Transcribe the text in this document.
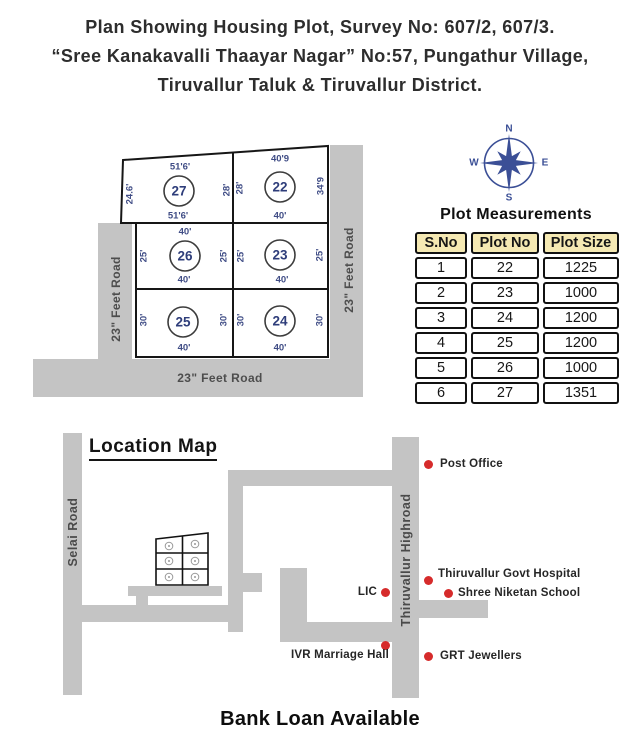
Plan Showing Housing Plot, Survey No: 607/2, 607/3.
“Sree Kanakavalli Thaayar Nagar” No:57, Pungathur Village,
Tiruvallur Taluk & Tiruvallur District.
27
51'6'
51'6'
24.6'	28'	22
40'9
40'
28'	34'9
26
40'
40'
25'	25'	23
40'
25'	25'
25
40'
30'	30'	24
40'
30'	30'
23" Feet Road	23" Feet Road
23" Feet Road
N
E
S
W
Plot Measurements
S.No	Plot No	Plot Size
1	22	1225
2	23	1000
3	24	1200
4	25	1200
5	26	1000
6	27	1351
Location Map
Selai Road	Thiruvallur Highroad
Post Office
Thiruvallur Govt Hospital
Shree Niketan School
LIC
IVR Marriage Hall	GRT Jewellers
Bank Loan Available
